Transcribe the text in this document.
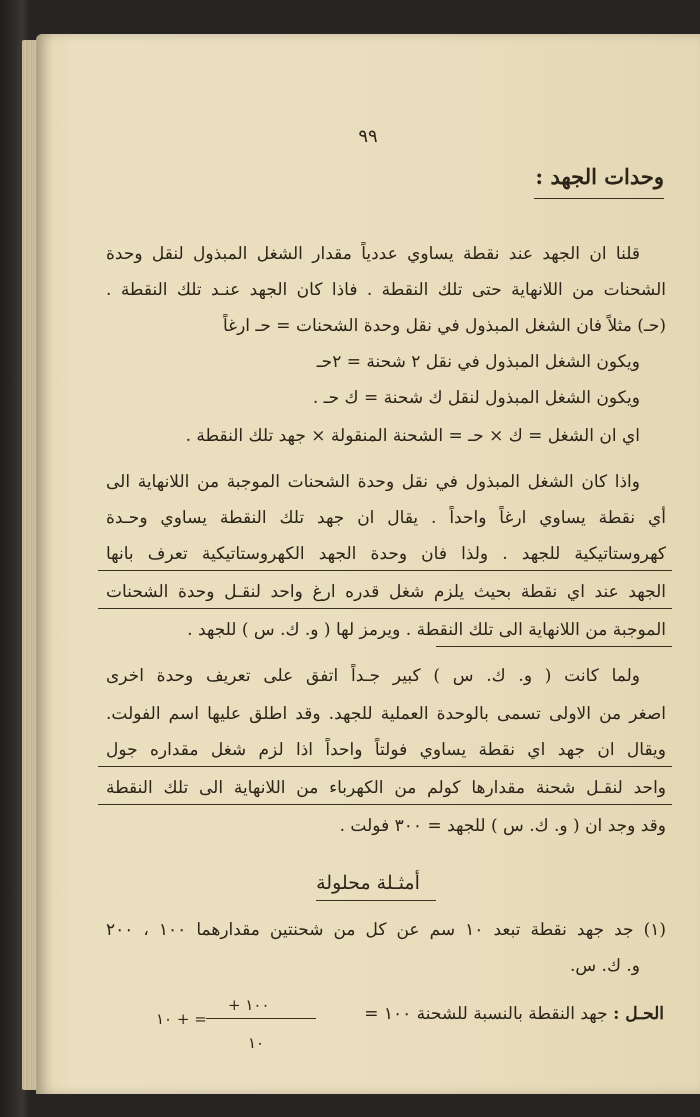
٩٩
وحدات الجهد :
قلنا ان الجهد عند نقطة يساوي عددياً مقدار الشغل المبذول لنقل وحدة
الشحنات من اللانهاية حتى تلك النقطة . فاذا كان الجهد عنـد تلك النقطة .
(حـ) مثلاً فان الشغل المبذول في نقل وحدة الشحنات = حـ ارغاً
ويكون الشغل المبذول في نقل ٢ شحنة = ٢حـ
ويكون الشغل المبذول لنقل ك شحنة = ك حـ .
اي ان الشغل = ك × حـ = الشحنة المنقولة × جهد تلك النقطة .
واذا كان الشغل المبذول في نقل وحدة الشحنات الموجبة من اللانهاية الى
أي نقطة يساوي ارغاً واحداً . يقال ان جهد تلك النقطة يساوي وحـدة
كهروستاتيكية للجهد . ولذا فان وحدة الجهد الكهروستاتيكية تعرف بانها
الجهد عند اي نقطة بحيث يلزم شغل قدره ارغ واحد لنقـل وحدة الشحنات
الموجبة من اللانهاية الى تلك النقطة . ويرمز لها ( و. ك. س ) للجهد .
ولما كانت ( و. ك. س ) كبير جـداً اتفق على تعريف وحدة اخرى
اصغر من الاولى تسمى بالوحدة العملية للجهد. وقد اطلق عليها اسم الفولت.
ويقال ان جهد اي نقطة يساوي فولتاً واحداً اذا لزم شغل مقداره جول
واحد لنقـل شحنة مقدارها كولم من الكهرباء من اللانهاية الى تلك النقطة
وقد وجد ان ( و. ك. س ) للجهد = ٣٠٠ فولت .
أمثـلة محلولة
(١) جد جهد نقطة تبعد ١٠ سم عن كل من شحنتين مقدارهما ١٠٠ ، ٢٠٠
و. ك. س.
الحـل : جهد النقطة بالنسبة للشحنة ١٠٠ =
+ ١٠٠
١٠
= + ١٠
